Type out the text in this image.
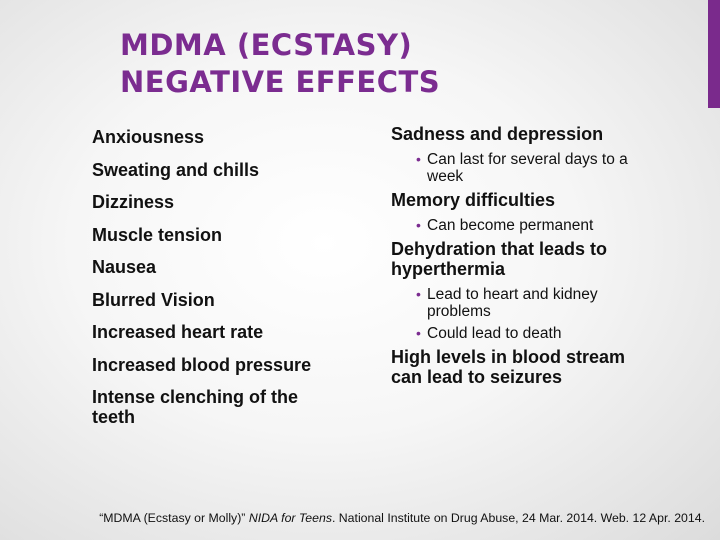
MDMA (ECSTASY)
NEGATIVE EFFECTS
Anxiousness
Sweating and chills
Dizziness
Muscle tension
Nausea
Blurred Vision
Increased heart rate
Increased blood pressure
Intense clenching of the teeth
Sadness and depression
• Can last for several days to a week
Memory difficulties
• Can become permanent
Dehydration that leads to hyperthermia
• Lead to heart and kidney problems
• Could lead to death
High levels in blood stream can lead to seizures
“MDMA (Ecstasy or Molly)” NIDA for Teens. National Institute on Drug Abuse, 24 Mar. 2014. Web. 12 Apr. 2014.
